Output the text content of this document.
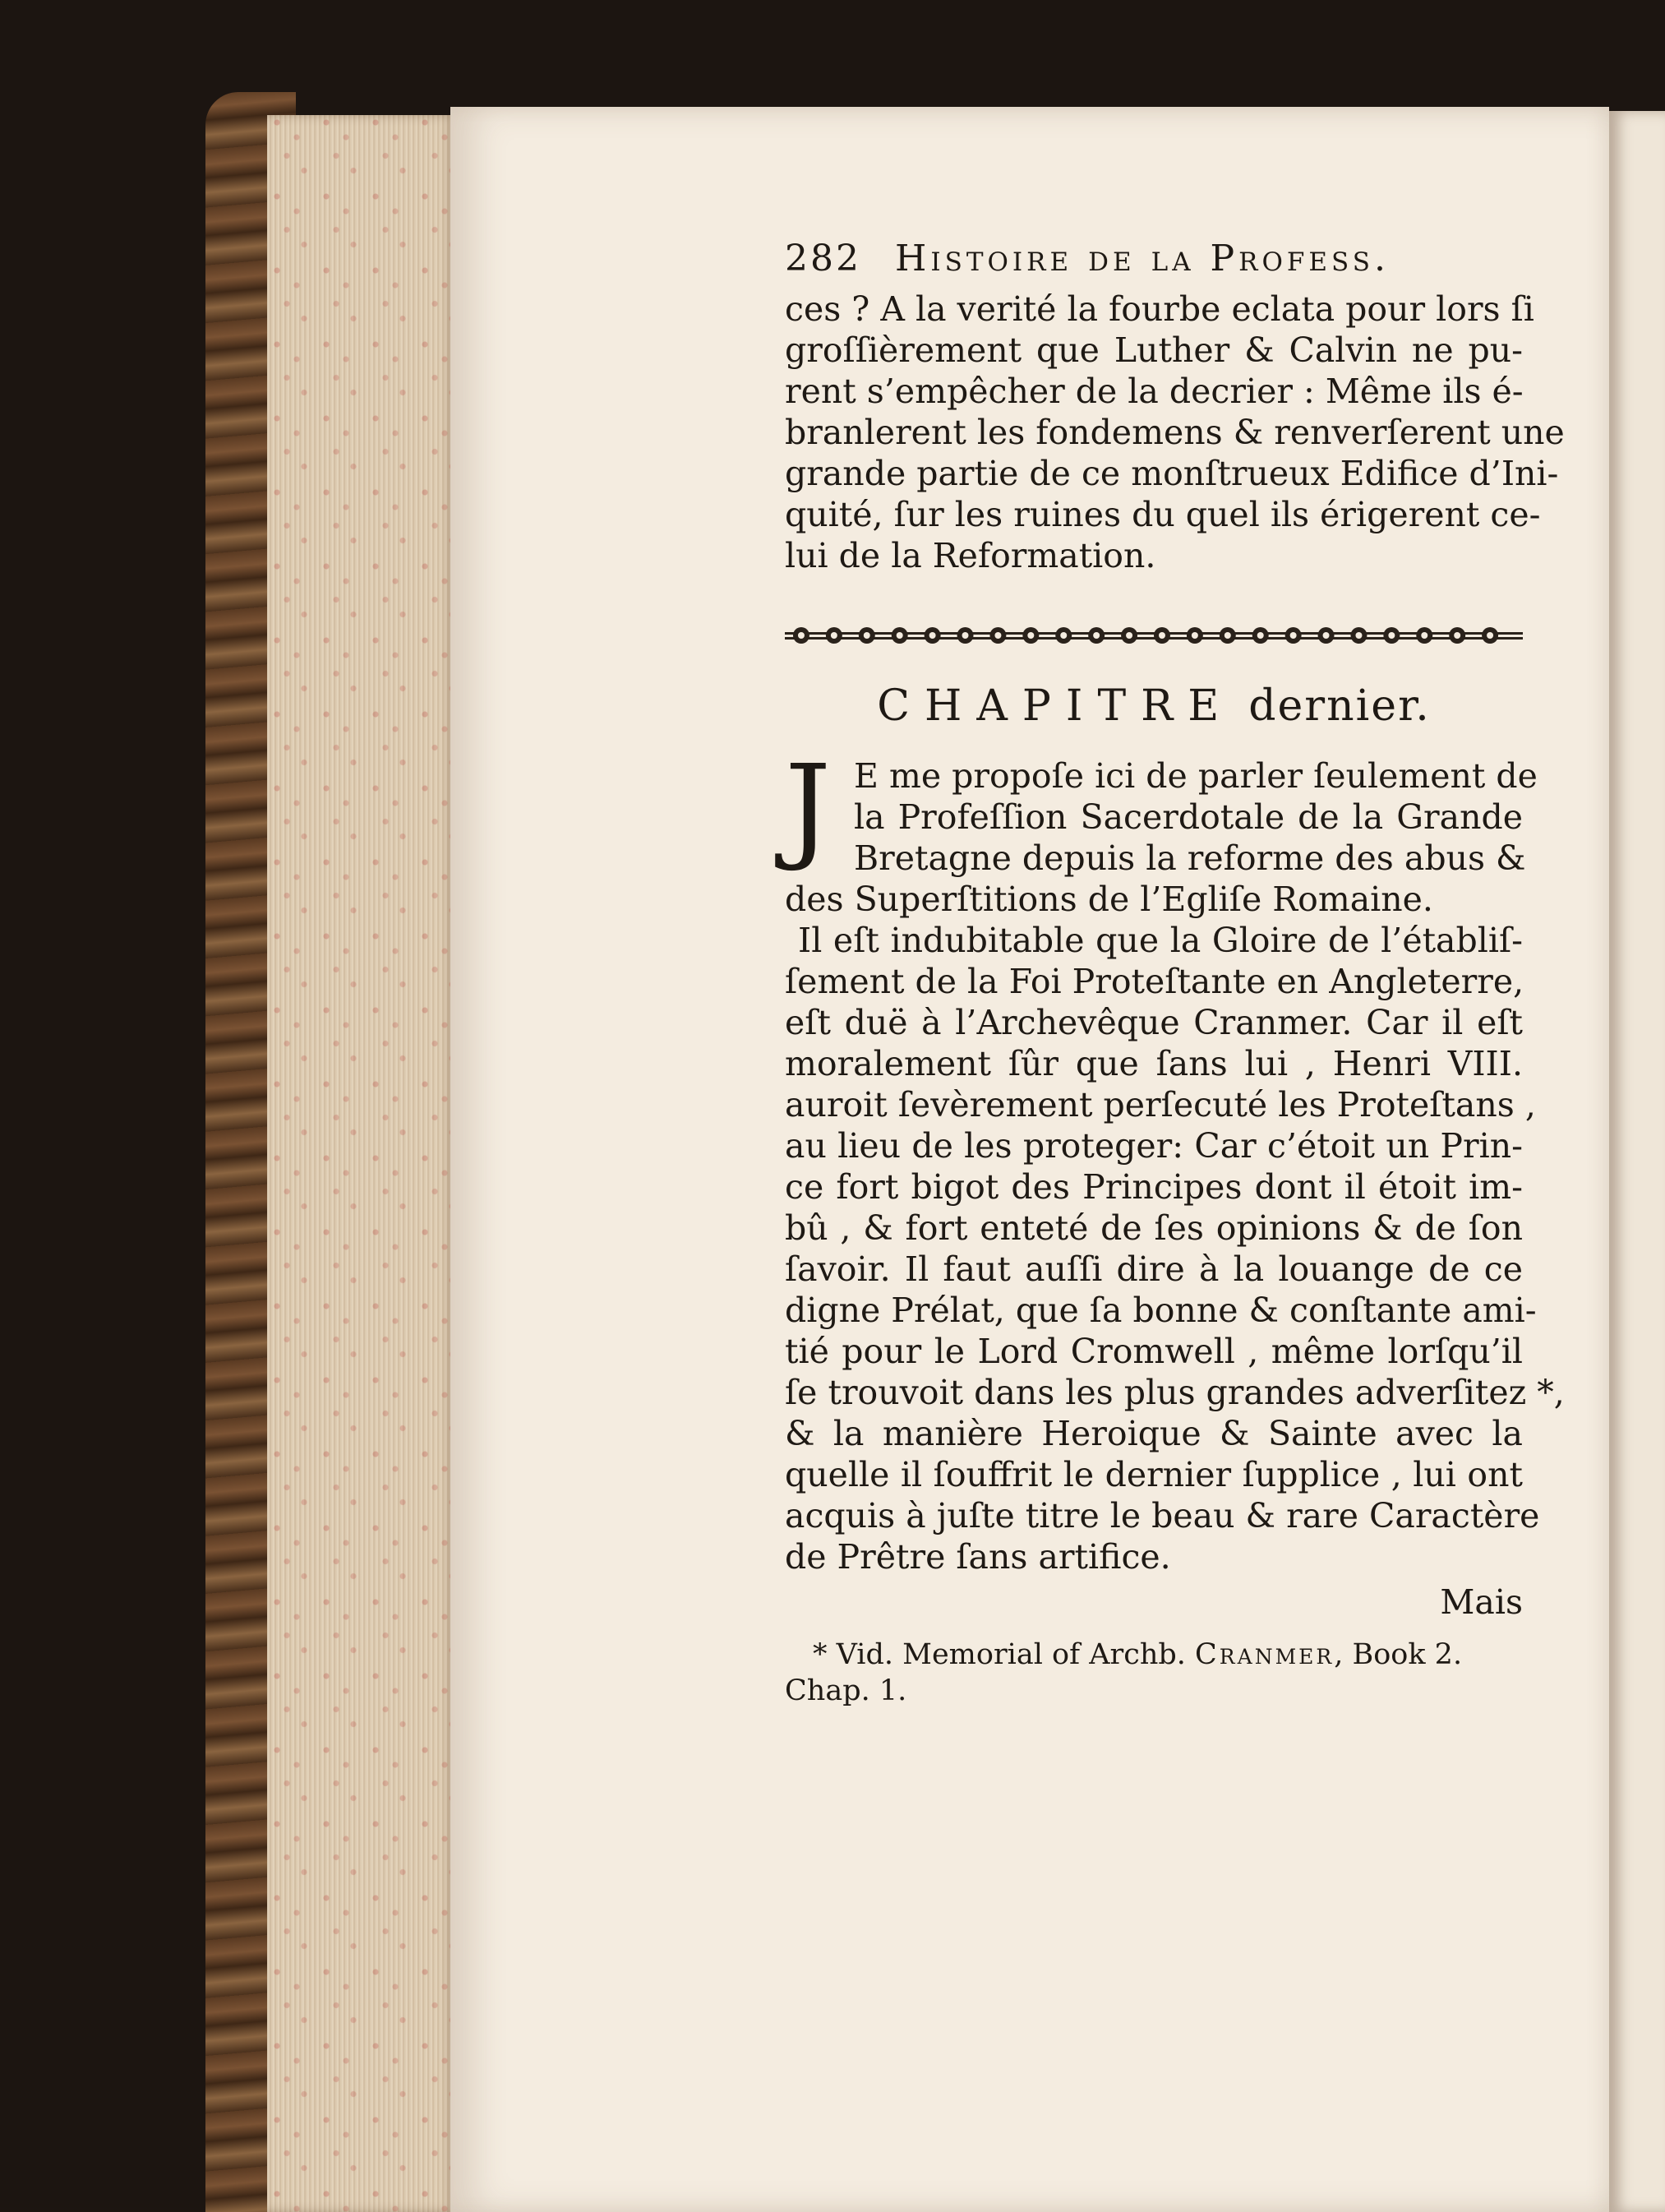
282 Histoire de la Profess.
ces ? A la verité la fourbe eclata pour lors ſi
groſſièrement que Luther & Calvin ne pu-
rent s’empêcher de la decrier : Même ils é-
branlerent les fondemens & renverſerent une
grande partie de ce monſtrueux Edifice d’Ini-
quité, ſur les ruines du quel ils érigerent ce-
lui de la Reformation.
CHAPITRE dernier.
J E me propoſe ici de parler ſeulement de
la Profeſſion Sacerdotale de la Grande
Bretagne depuis la reforme des abus &
des Superſtitions de l’Egliſe Romaine.
Il eſt indubitable que la Gloire de l’établiſ-
ſement de la Foi Proteſtante en Angleterre,
eſt duë à l’Archevêque Cranmer. Car il eſt
moralement ſûr que ſans lui , Henri VIII.
auroit ſevèrement perſecuté les Proteſtans ,
au lieu de les proteger: Car c’étoit un Prin-
ce fort bigot des Principes dont il étoit im-
bû , & fort enteté de ſes opinions & de ſon
ſavoir. Il faut auſſi dire à la louange de ce
digne Prélat, que ſa bonne & conſtante ami-
tié pour le Lord Cromwell , même lorſqu’il
ſe trouvoit dans les plus grandes adverſitez *,
& la manière Heroique & Sainte avec la
quelle il ſouffrit le dernier ſupplice , lui ont
acquis à juſte titre le beau & rare Caractère
de Prêtre ſans artifice.
Mais
* Vid. Memorial of Archb. Cranmer, Book 2.
Chap. 1.
